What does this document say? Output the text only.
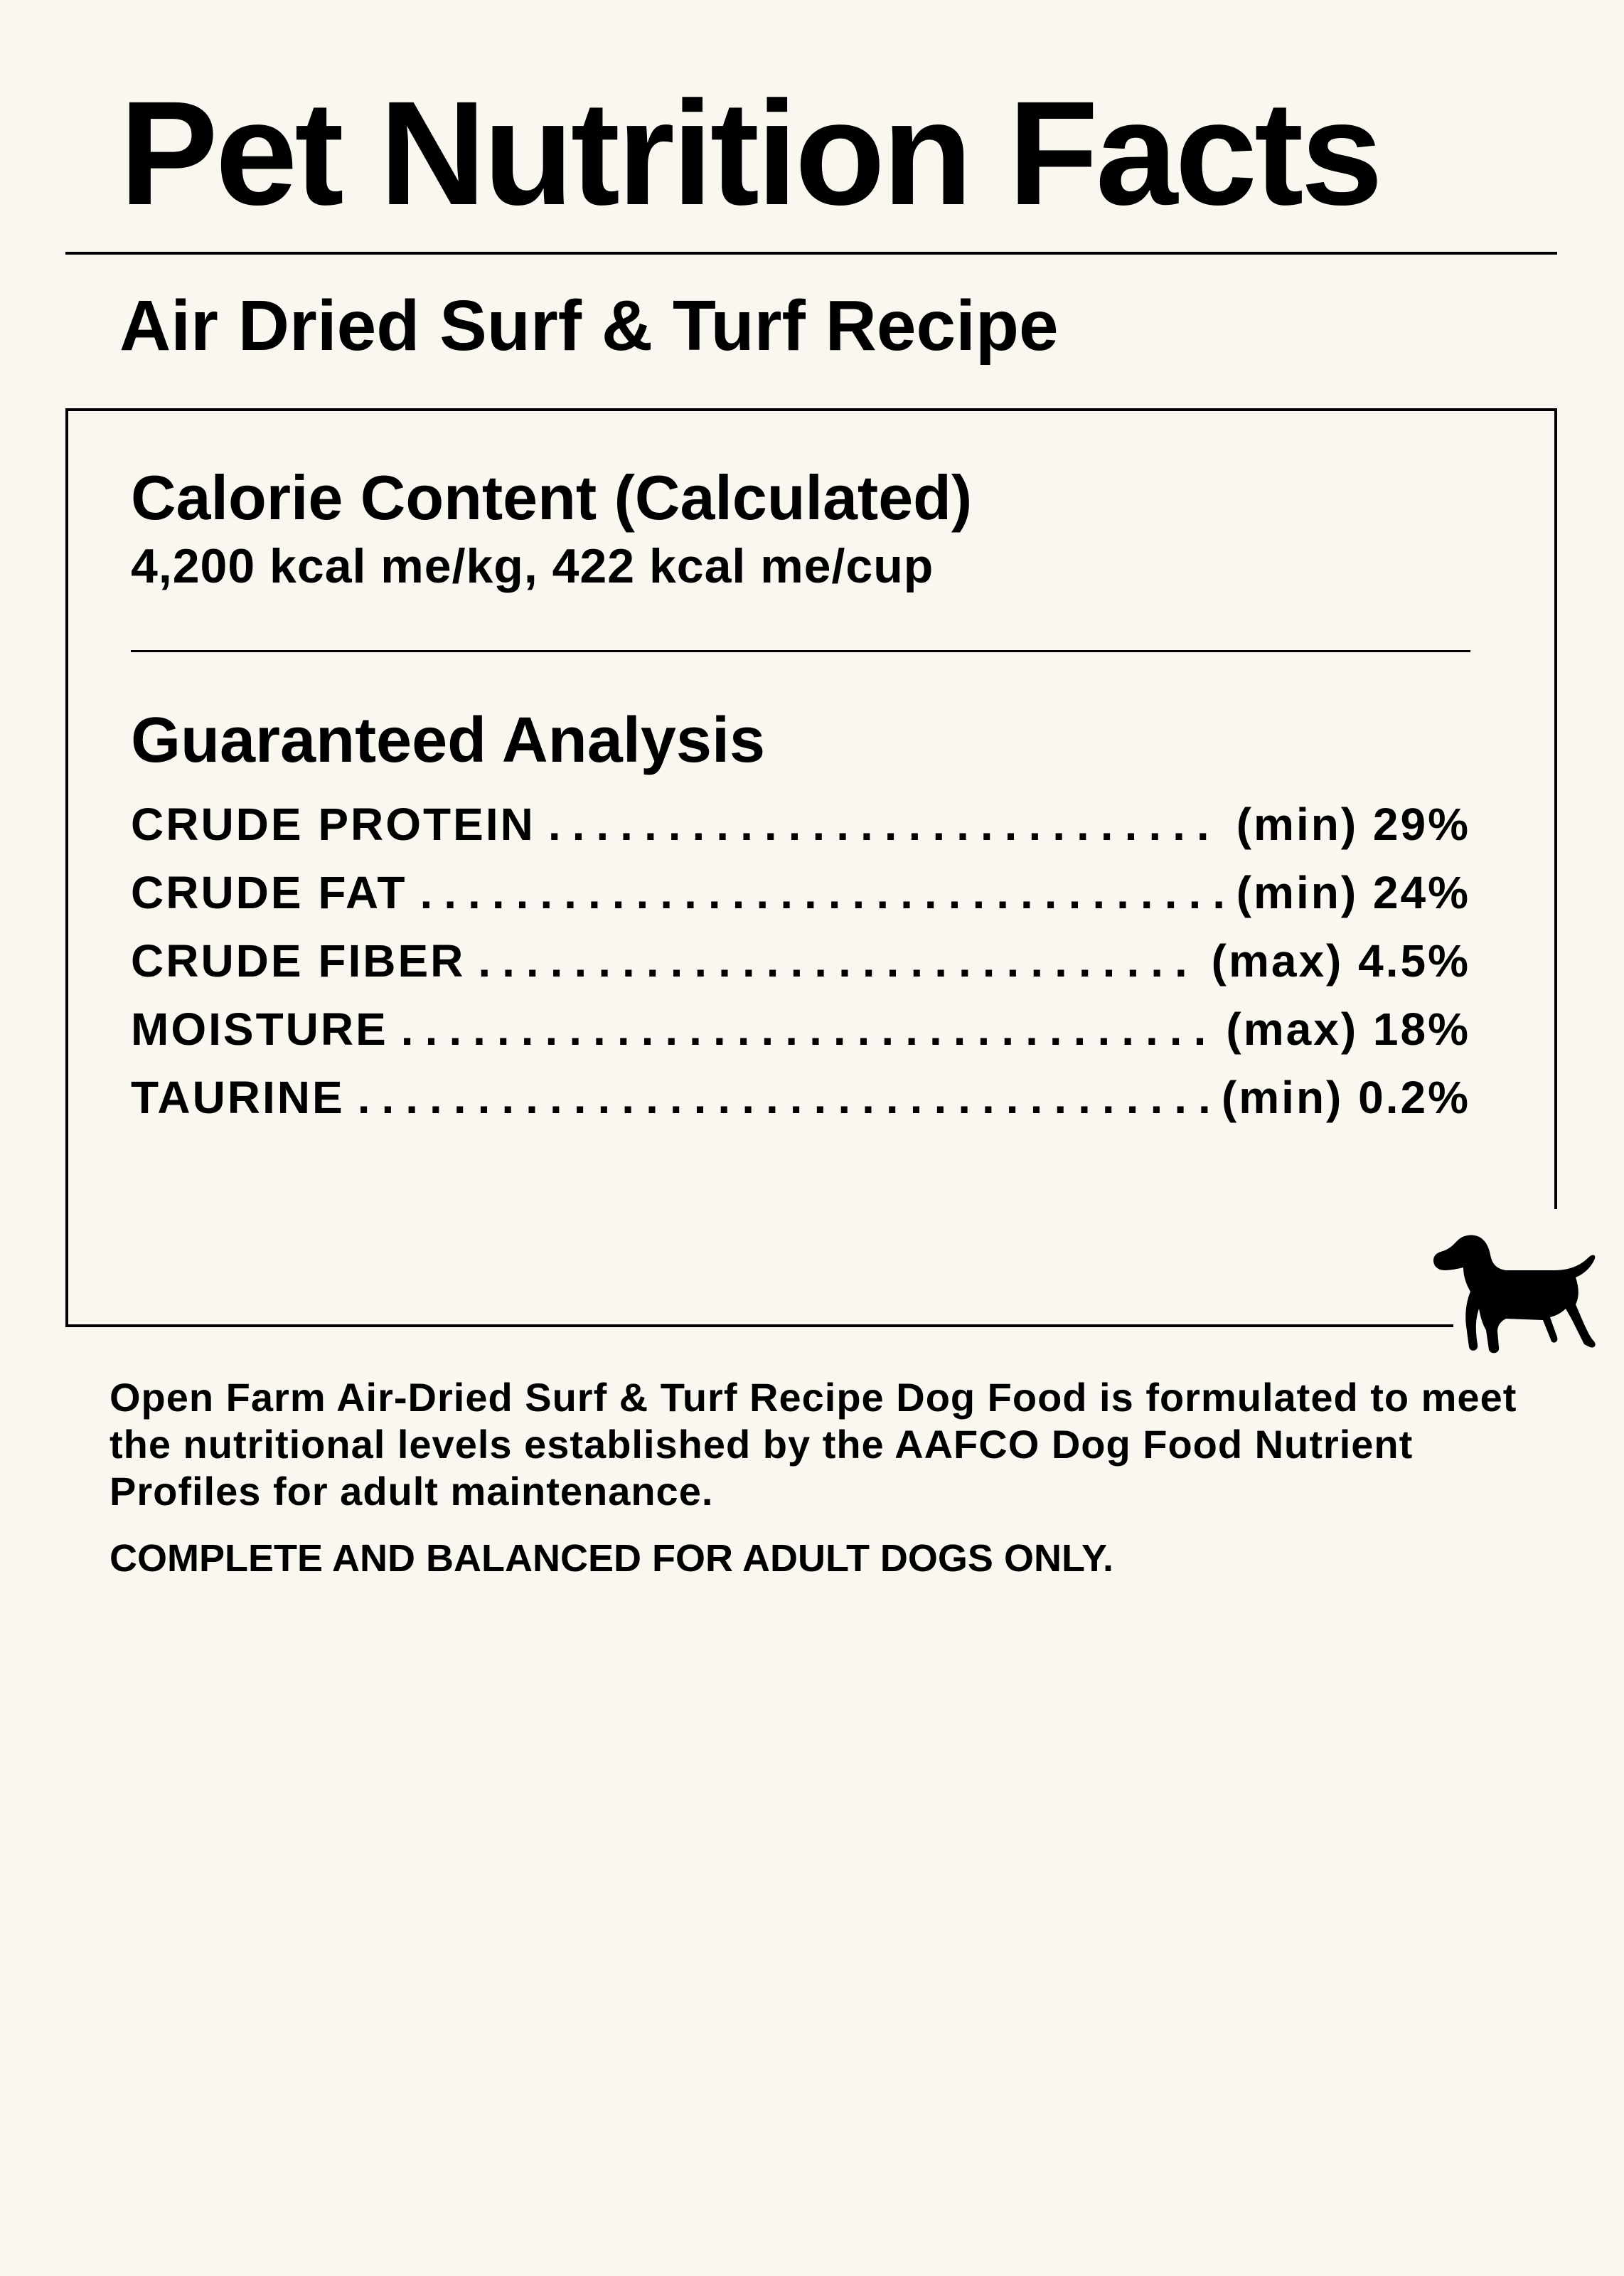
Pet Nutrition Facts
Air Dried Surf & Turf Recipe
Calorie Content (Calculated)

4,200 kcal me/kg, 422 kcal me/cup

Guaranteed Analysis
CRUDE PROTEIN .....	(min) 29%
CRUDE FAT .....	(min) 24%
CRUDE FIBER .....	(max) 4.5%
MOISTURE .....	(max) 18%
TAURINE .....	(min) 0.2%

Open Farm Air-Dried Surf & Turf Recipe Dog Food is formulated to meet the nutritional levels established by the AAFCO Dog Food Nutrient Profiles for adult maintenance.

COMPLETE AND BALANCED FOR ADULT DOGS ONLY.
